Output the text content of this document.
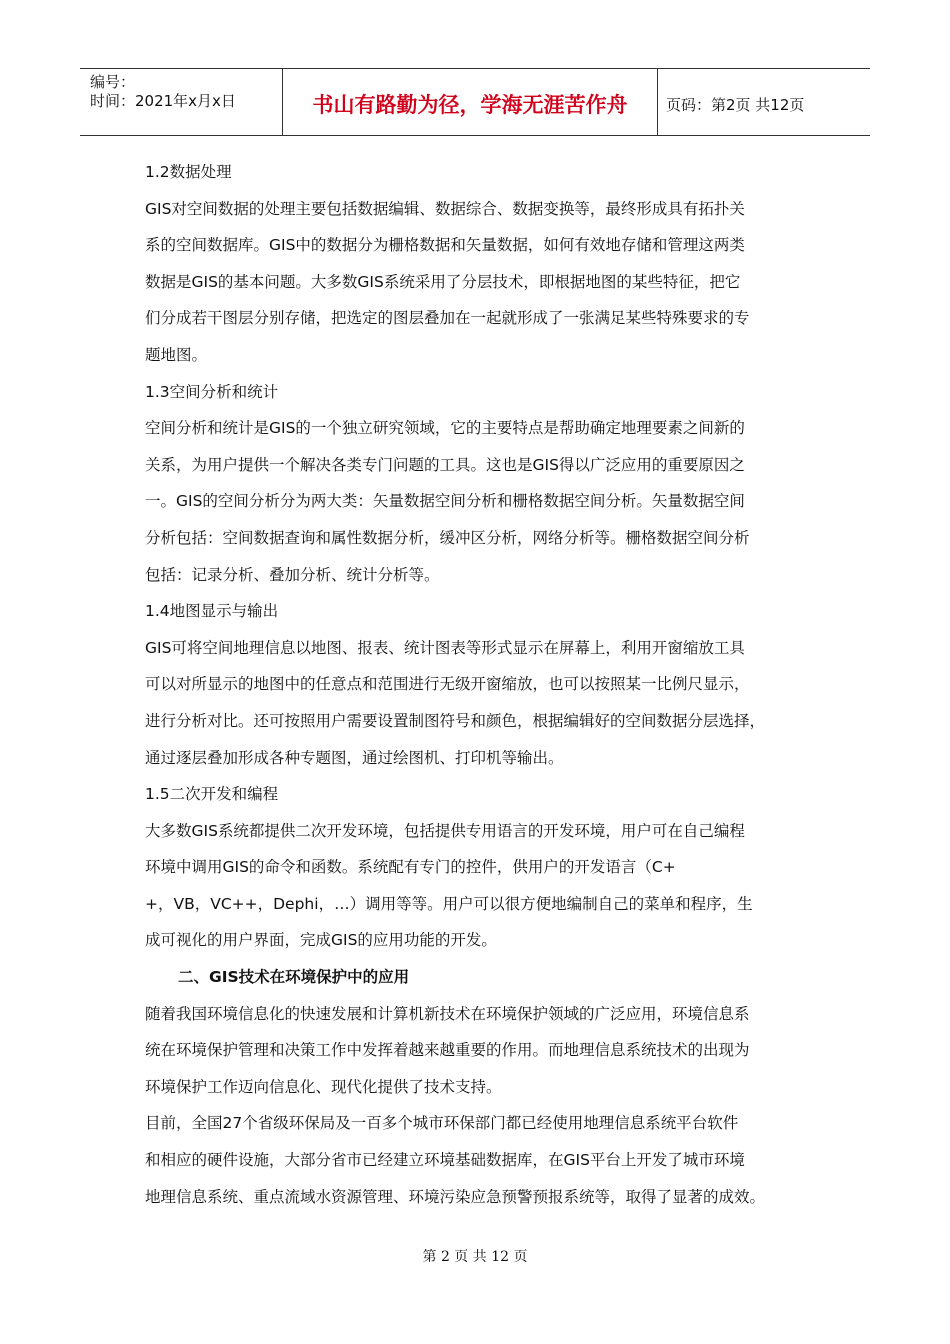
编号：
时间：2021年x月x日	书山有路勤为径，学海无涯苦作舟	页码：第2页 共12页

1.2数据处理

GIS对空间数据的处理主要包括数据编辑、数据综合、数据变换等，最终形成具有拓扑关

系的空间数据库。GIS中的数据分为栅格数据和矢量数据，如何有效地存储和管理这两类

数据是GIS的基本问题。大多数GIS系统采用了分层技术，即根据地图的某些特征，把它

们分成若干图层分别存储，把选定的图层叠加在一起就形成了一张满足某些特殊要求的专

题地图。

1.3空间分析和统计

空间分析和统计是GIS的一个独立研究领域，它的主要特点是帮助确定地理要素之间新的

关系，为用户提供一个解决各类专门问题的工具。这也是GIS得以广泛应用的重要原因之

一。GIS的空间分析分为两大类：矢量数据空间分析和栅格数据空间分析。矢量数据空间

分析包括：空间数据查询和属性数据分析，缓冲区分析，网络分析等。栅格数据空间分析

包括：记录分析、叠加分析、统计分析等。

1.4地图显示与输出

GIS可将空间地理信息以地图、报表、统计图表等形式显示在屏幕上，利用开窗缩放工具

可以对所显示的地图中的任意点和范围进行无级开窗缩放，也可以按照某一比例尺显示，

进行分析对比。还可按照用户需要设置制图符号和颜色，根据编辑好的空间数据分层选择，

通过逐层叠加形成各种专题图，通过绘图机、打印机等输出。

1.5二次开发和编程

大多数GIS系统都提供二次开发环境，包括提供专用语言的开发环境，用户可在自己编程

环境中调用GIS的命令和函数。系统配有专门的控件，供用户的开发语言（C+

+，VB，VC++，Dephi，…）调用等等。用户可以很方便地编制自己的菜单和程序，生

成可视化的用户界面，完成GIS的应用功能的开发。

二、GIS技术在环境保护中的应用

随着我国环境信息化的快速发展和计算机新技术在环境保护领域的广泛应用，环境信息系

统在环境保护管理和决策工作中发挥着越来越重要的作用。而地理信息系统技术的出现为

环境保护工作迈向信息化、现代化提供了技术支持。

目前，全国27个省级环保局及一百多个城市环保部门都已经使用地理信息系统平台软件

和相应的硬件设施，大部分省市已经建立环境基础数据库，在GIS平台上开发了城市环境

地理信息系统、重点流域水资源管理、环境污染应急预警预报系统等，取得了显著的成效。

第 2 页 共 12 页
